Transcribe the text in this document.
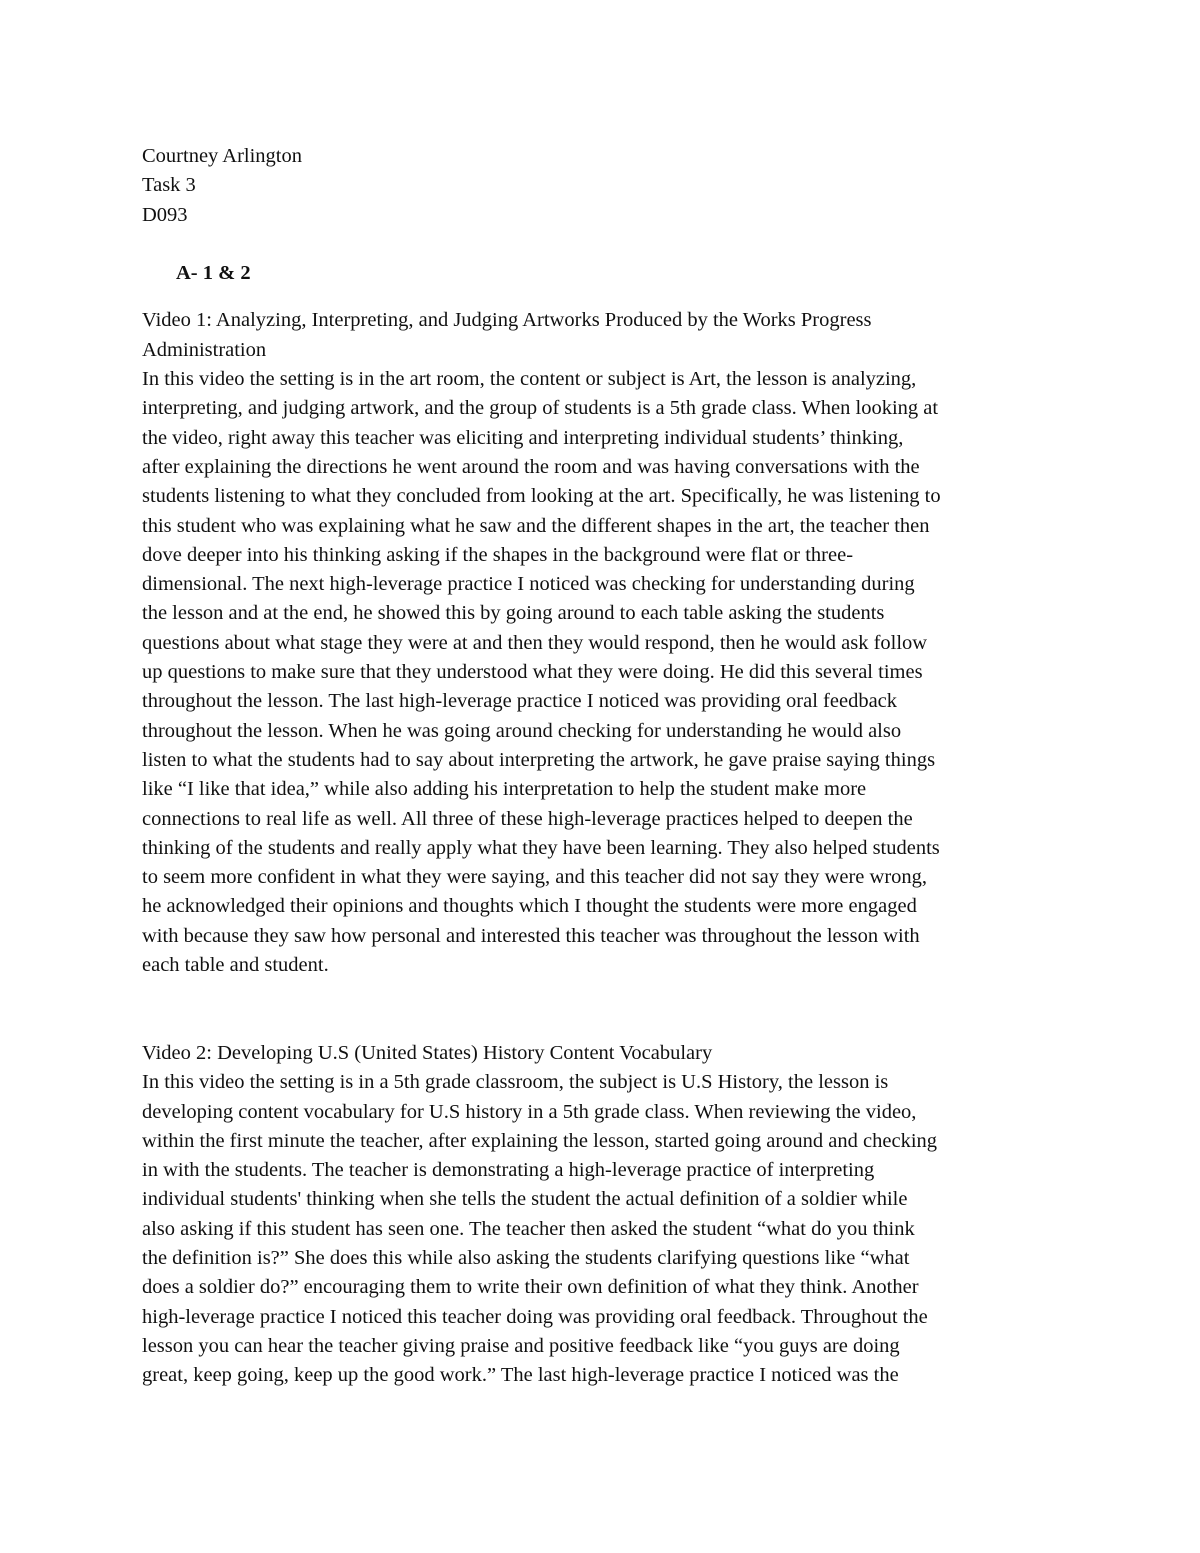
Courtney Arlington
Task 3
D093
A- 1 & 2
Video 1: Analyzing, Interpreting, and Judging Artworks Produced by the Works Progress
Administration
In this video the setting is in the art room, the content or subject is Art, the lesson is analyzing,
interpreting, and judging artwork, and the group of students is a 5th grade class. When looking at
the video, right away this teacher was eliciting and interpreting individual students’ thinking,
after explaining the directions he went around the room and was having conversations with the
students listening to what they concluded from looking at the art. Specifically, he was listening to
this student who was explaining what he saw and the different shapes in the art, the teacher then
dove deeper into his thinking asking if the shapes in the background were flat or three-
dimensional. The next high-leverage practice I noticed was checking for understanding during
the lesson and at the end, he showed this by going around to each table asking the students
questions about what stage they were at and then they would respond, then he would ask follow
up questions to make sure that they understood what they were doing. He did this several times
throughout the lesson. The last high-leverage practice I noticed was providing oral feedback
throughout the lesson. When he was going around checking for understanding he would also
listen to what the students had to say about interpreting the artwork, he gave praise saying things
like “I like that idea,” while also adding his interpretation to help the student make more
connections to real life as well. All three of these high-leverage practices helped to deepen the
thinking of the students and really apply what they have been learning. They also helped students
to seem more confident in what they were saying, and this teacher did not say they were wrong,
he acknowledged their opinions and thoughts which I thought the students were more engaged
with because they saw how personal and interested this teacher was throughout the lesson with
each table and student.
Video 2: Developing U.S (United States) History Content Vocabulary
In this video the setting is in a 5th grade classroom, the subject is U.S History, the lesson is
developing content vocabulary for U.S history in a 5th grade class. When reviewing the video,
within the first minute the teacher, after explaining the lesson, started going around and checking
in with the students. The teacher is demonstrating a high-leverage practice of interpreting
individual students' thinking when she tells the student the actual definition of a soldier while
also asking if this student has seen one. The teacher then asked the student “what do you think
the definition is?” She does this while also asking the students clarifying questions like “what
does a soldier do?” encouraging them to write their own definition of what they think. Another
high-leverage practice I noticed this teacher doing was providing oral feedback. Throughout the
lesson you can hear the teacher giving praise and positive feedback like “you guys are doing
great, keep going, keep up the good work.” The last high-leverage practice I noticed was the
